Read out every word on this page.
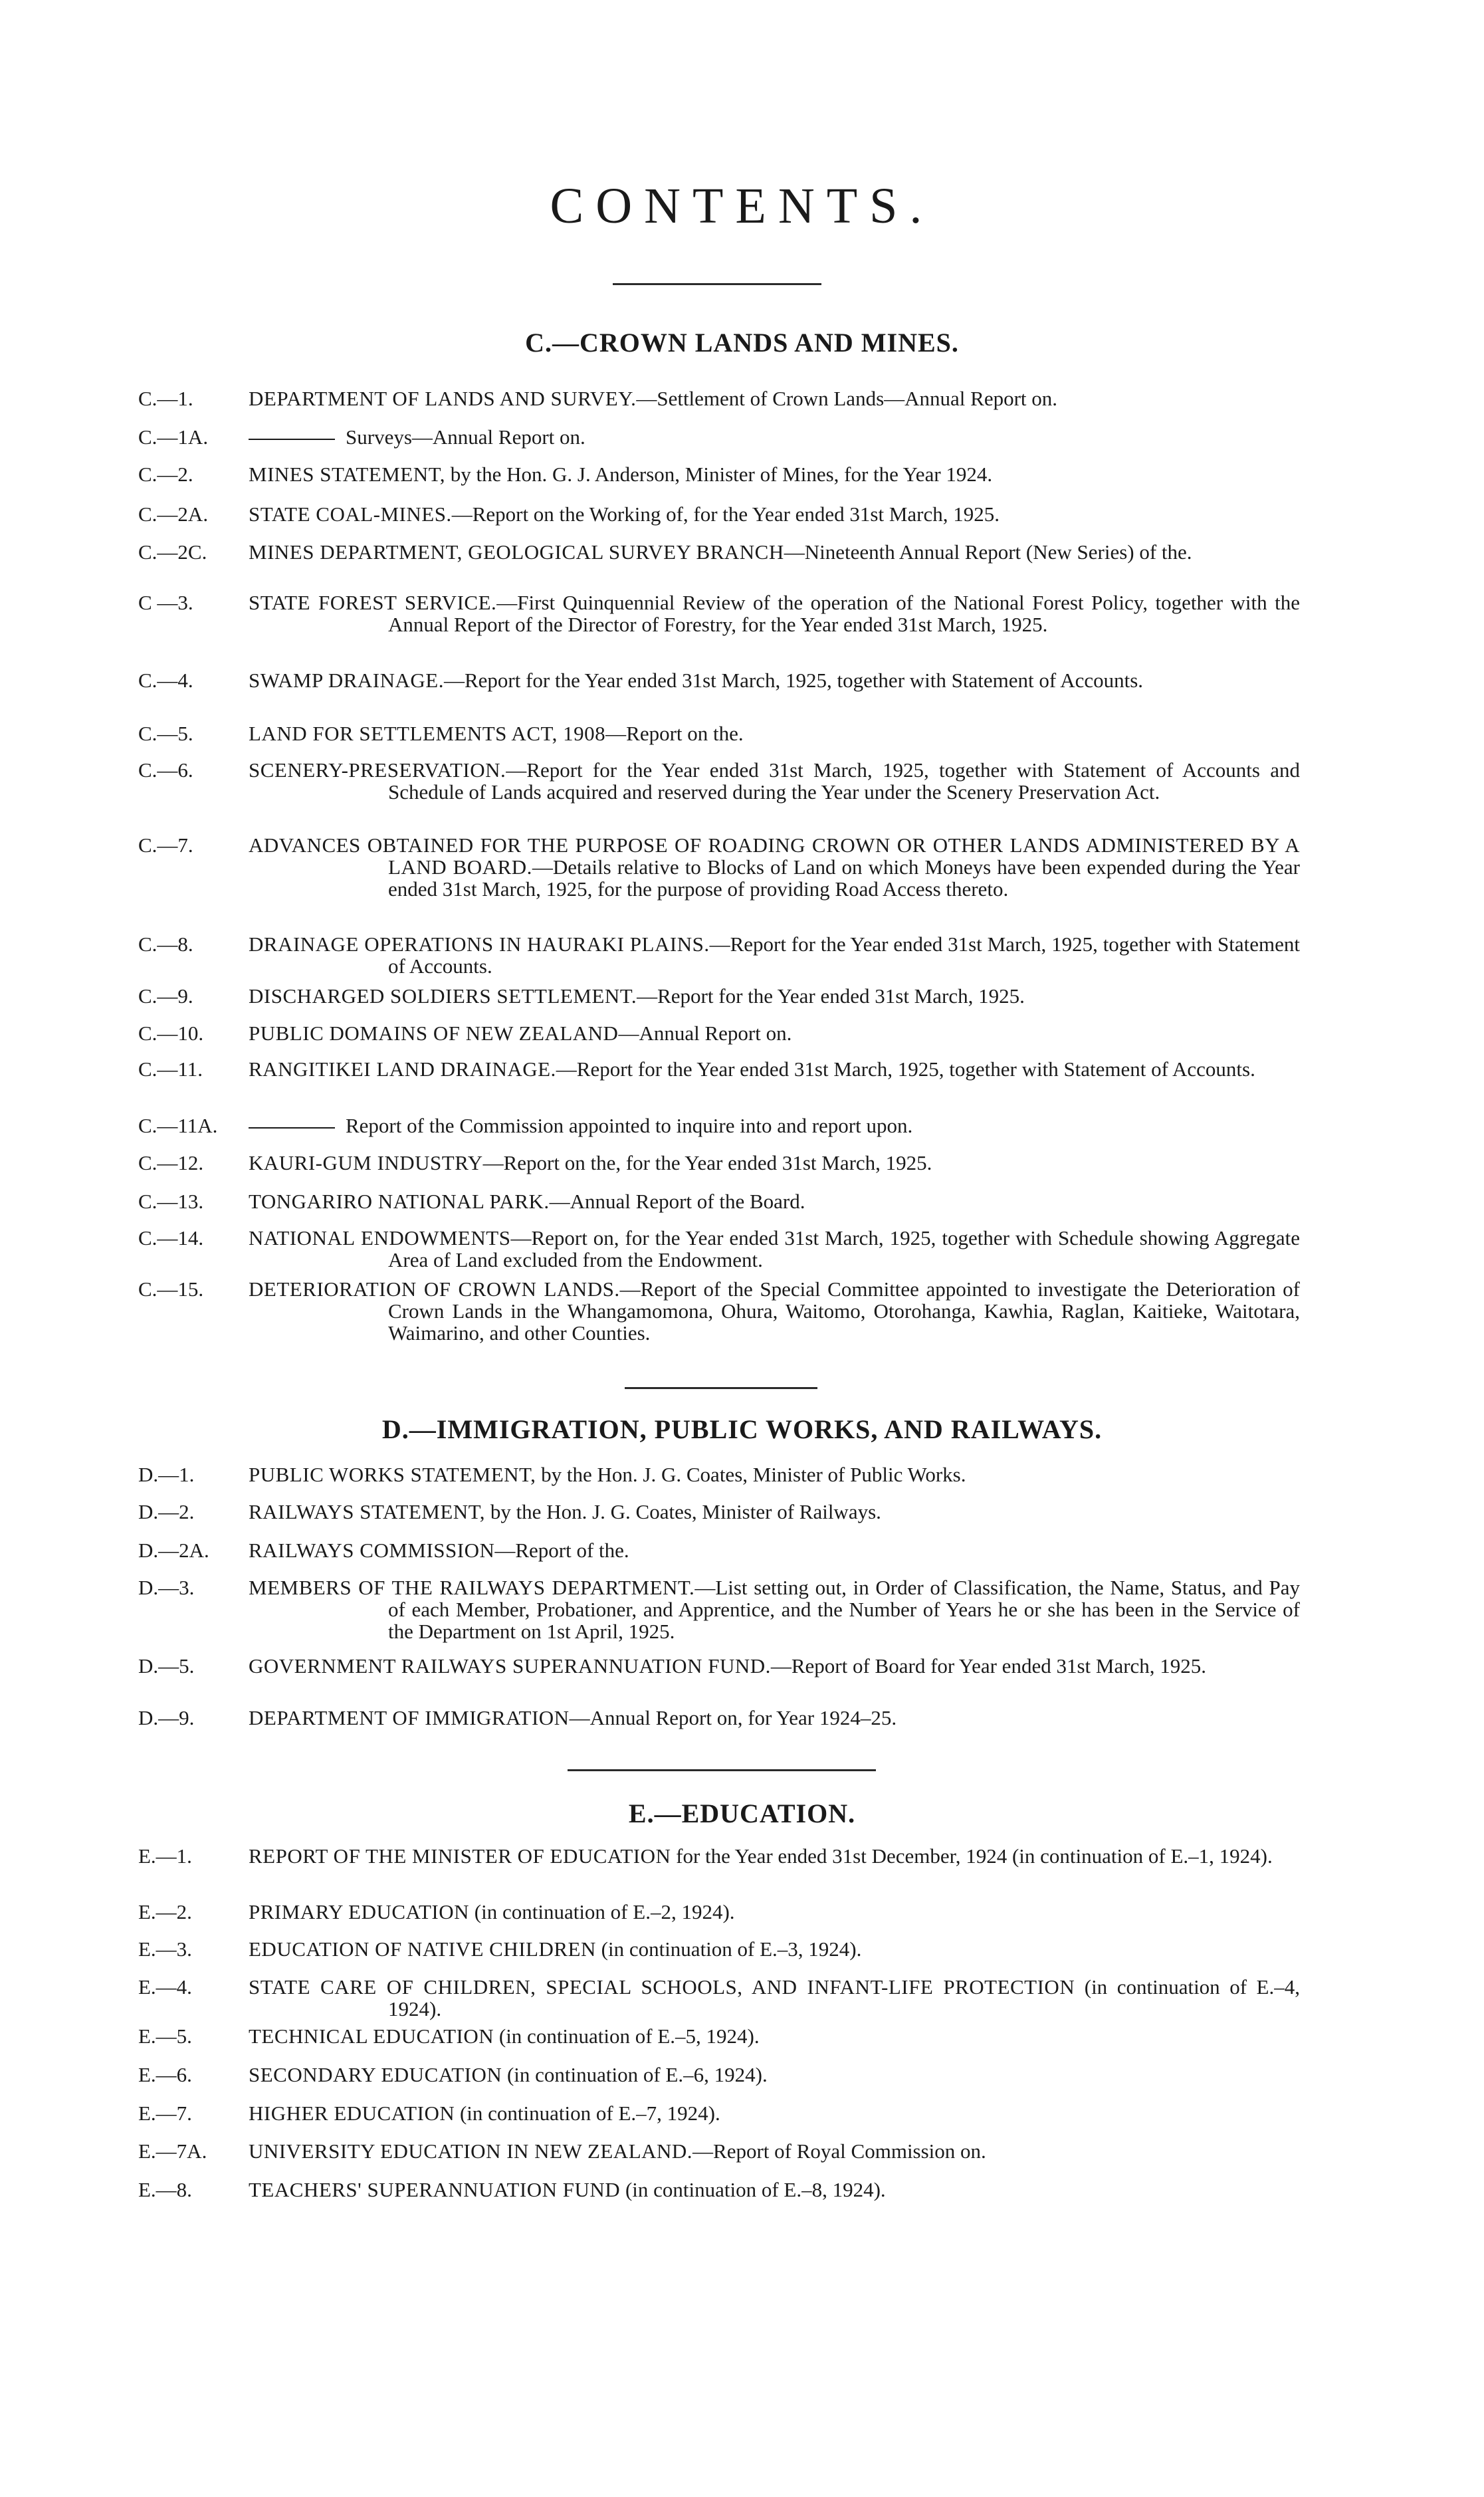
CONTENTS.
C.—CROWN LANDS AND MINES.
C.—1.	DEPARTMENT OF LANDS AND SURVEY.—Settlement of Crown Lands—Annual Report on.
C.—1A.	Surveys—Annual Report on.
C.—2.	MINES STATEMENT, by the Hon. G. J. Anderson, Minister of Mines, for the Year 1924.
C.—2A.	STATE COAL-MINES.—Report on the Working of, for the Year ended 31st March, 1925.
C.—2C.	MINES DEPARTMENT, GEOLOGICAL SURVEY BRANCH—Nineteenth Annual Report (New Series) of the.
C —3.	STATE FOREST SERVICE.—First Quinquennial Review of the operation of the National Forest Policy, together with the Annual Report of the Director of Forestry, for the Year ended 31st March, 1925.
C.—4.	SWAMP DRAINAGE.—Report for the Year ended 31st March, 1925, together with Statement of Accounts.
C.—5.	LAND FOR SETTLEMENTS ACT, 1908—Report on the.
C.—6.	SCENERY-PRESERVATION.—Report for the Year ended 31st March, 1925, together with Statement of Accounts and Schedule of Lands acquired and reserved during the Year under the Scenery Preservation Act.
C.—7.	ADVANCES OBTAINED FOR THE PURPOSE OF ROADING CROWN OR OTHER LANDS ADMINISTERED BY A LAND BOARD.—Details relative to Blocks of Land on which Moneys have been expended during the Year ended 31st March, 1925, for the purpose of providing Road Access thereto.
C.—8.	DRAINAGE OPERATIONS IN HAURAKI PLAINS.—Report for the Year ended 31st March, 1925, together with Statement of Accounts.
C.—9.	DISCHARGED SOLDIERS SETTLEMENT.—Report for the Year ended 31st March, 1925.
C.—10.	PUBLIC DOMAINS OF NEW ZEALAND—Annual Report on.
C.—11.	RANGITIKEI LAND DRAINAGE.—Report for the Year ended 31st March, 1925, together with Statement of Accounts.
C.—11A.	Report of the Commission appointed to inquire into and report upon.
C.—12.	KAURI-GUM INDUSTRY—Report on the, for the Year ended 31st March, 1925.
C.—13.	TONGARIRO NATIONAL PARK.—Annual Report of the Board.
C.—14.	NATIONAL ENDOWMENTS—Report on, for the Year ended 31st March, 1925, together with Schedule showing Aggregate Area of Land excluded from the Endowment.
C.—15.	DETERIORATION OF CROWN LANDS.—Report of the Special Committee appointed to investigate the Deterioration of Crown Lands in the Whangamomona, Ohura, Waitomo, Otorohanga, Kawhia, Raglan, Kaitieke, Waitotara, Waimarino, and other Counties.
D.—IMMIGRATION, PUBLIC WORKS, AND RAILWAYS.
D.—1.	PUBLIC WORKS STATEMENT, by the Hon. J. G. Coates, Minister of Public Works.
D.—2.	RAILWAYS STATEMENT, by the Hon. J. G. Coates, Minister of Railways.
D.—2A.	RAILWAYS COMMISSION—Report of the.
D.—3.	MEMBERS OF THE RAILWAYS DEPARTMENT.—List setting out, in Order of Classification, the Name, Status, and Pay of each Member, Probationer, and Apprentice, and the Number of Years he or she has been in the Service of the Department on 1st April, 1925.
D.—5.	GOVERNMENT RAILWAYS SUPERANNUATION FUND.—Report of Board for Year ended 31st March, 1925.
D.—9.	DEPARTMENT OF IMMIGRATION—Annual Report on, for Year 1924–25.
E.—EDUCATION.
E.—1.	REPORT OF THE MINISTER OF EDUCATION for the Year ended 31st December, 1924 (in continuation of E.–1, 1924).
E.—2.	PRIMARY EDUCATION (in continuation of E.–2, 1924).
E.—3.	EDUCATION OF NATIVE CHILDREN (in continuation of E.–3, 1924).
E.—4.	STATE CARE OF CHILDREN, SPECIAL SCHOOLS, AND INFANT-LIFE PROTECTION (in continuation of E.–4, 1924).
E.—5.	TECHNICAL EDUCATION (in continuation of E.–5, 1924).
E.—6.	SECONDARY EDUCATION (in continuation of E.–6, 1924).
E.—7.	HIGHER EDUCATION (in continuation of E.–7, 1924).
E.—7A.	UNIVERSITY EDUCATION IN NEW ZEALAND.—Report of Royal Commission on.
E.—8.	TEACHERS' SUPERANNUATION FUND (in continuation of E.–8, 1924).
